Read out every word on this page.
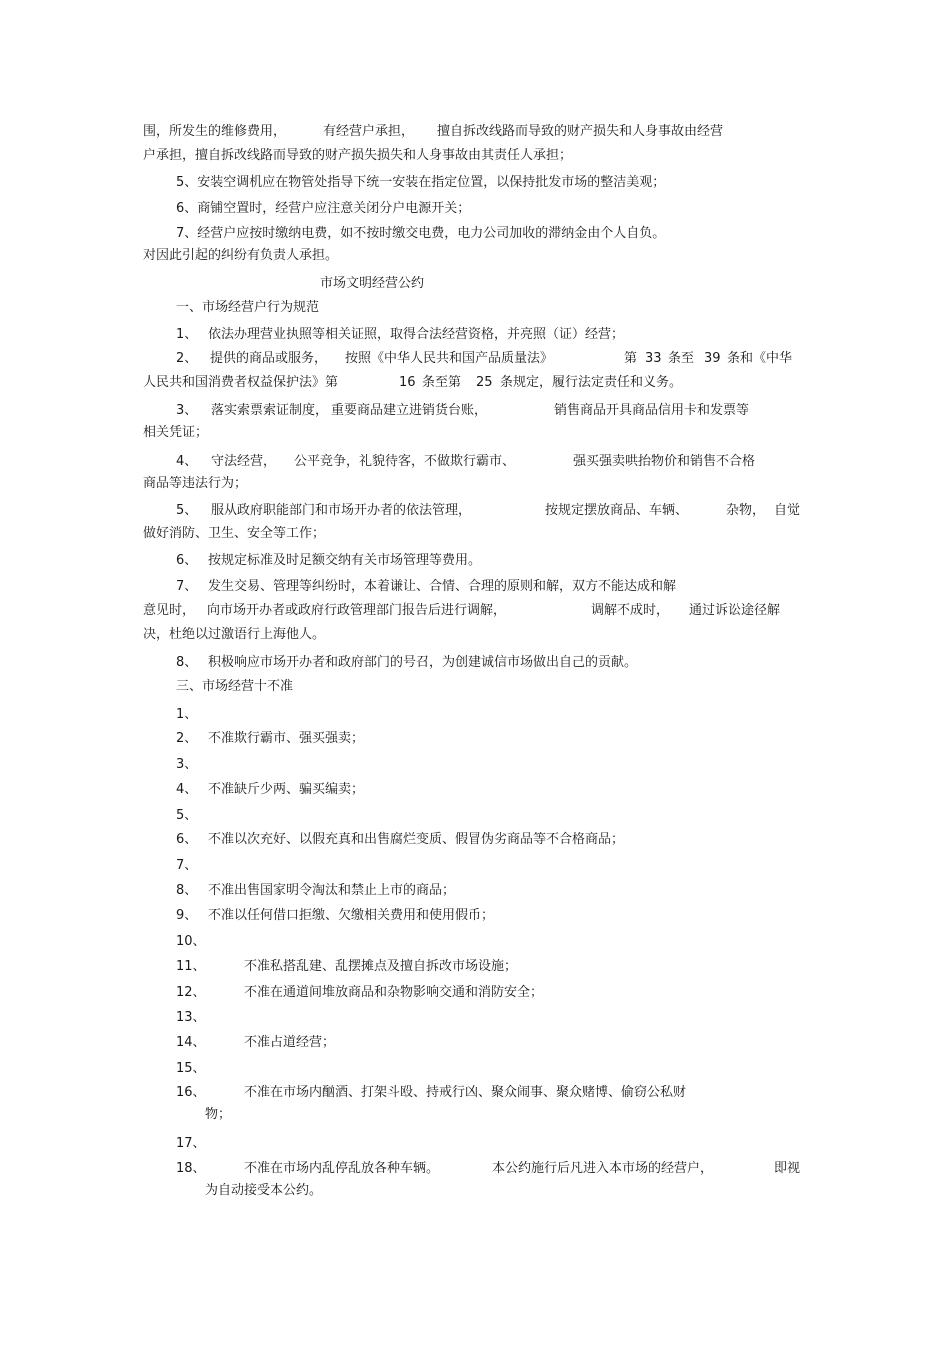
围，所发生的维修费用，	有经营户承担， 擅自拆改线路而导致的财产损失和人身事故由经营
户承担，擅自拆改线路而导致的财产损失损失和人身事故由其责任人承担；
5、安装空调机应在物管处指导下统一安装在指定位置，以保持批发市场的整洁美观；
6、商铺空置时，经营户应注意关闭分户电源开关；
7、经营户应按时缴纳电费，如不按时缴交电费，电力公司加收的滞纳金由个人自负。
对因此引起的纠纷有负责人承担。
市场文明经营公约
一、市场经营户行为规范
1、 依法办理营业执照等相关证照，取得合法经营资格，并亮照（证）经营；
2、 提供的商品或服务， 按照《中华人民共和国产品质量法》	第 33 条至 39 条和《中华
人民共和国消费者权益保护法》第	16 条至第 25 条规定，履行法定责任和义务。
3、 落实索票索证制度， 重要商品建立进销货台账，	销售商品开具商品信用卡和发票等
相关凭证；
4、 守法经营， 公平竞争，礼貌待客，不做欺行霸市、	强买强卖哄抬物价和销售不合格
商品等违法行为；
5、 服从政府职能部门和市场开办者的依法管理，	按规定摆放商品、车辆、	杂物， 自觉
做好消防、卫生、安全等工作；
6、 按规定标准及时足额交纳有关市场管理等费用。
7、 发生交易、管理等纠纷时，本着谦让、合情、合理的原则和解，双方不能达成和解
意见时， 向市场开办者或政府行政管理部门报告后进行调解，	调解不成时， 通过诉讼途径解
决，杜绝以过激语行上海他人。
8、 积极响应市场开办者和政府部门的号召，为创建诚信市场做出自己的贡献。
三、市场经营十不准
1、
2、 不准欺行霸市、强买强卖；
3、
4、 不准缺斤少两、骗买编卖；
5、
6、 不准以次充好、以假充真和出售腐烂变质、假冒伪劣商品等不合格商品；
7、
8、 不准出售国家明令淘汰和禁止上市的商品；
9、 不准以任何借口拒缴、欠缴相关费用和使用假币；
10、
11、	不准私搭乱建、乱摆摊点及擅自拆改市场设施；
12、	不准在通道间堆放商品和杂物影响交通和消防安全；
13、
14、	不准占道经营；
15、
16、	不准在市场内酗酒、打架斗殴、持戒行凶、聚众闹事、聚众赌博、偷窃公私财
物；
17、
18、	不准在市场内乱停乱放各种车辆。	本公约施行后凡进入本市场的经营户，	即视
为自动接受本公约。
